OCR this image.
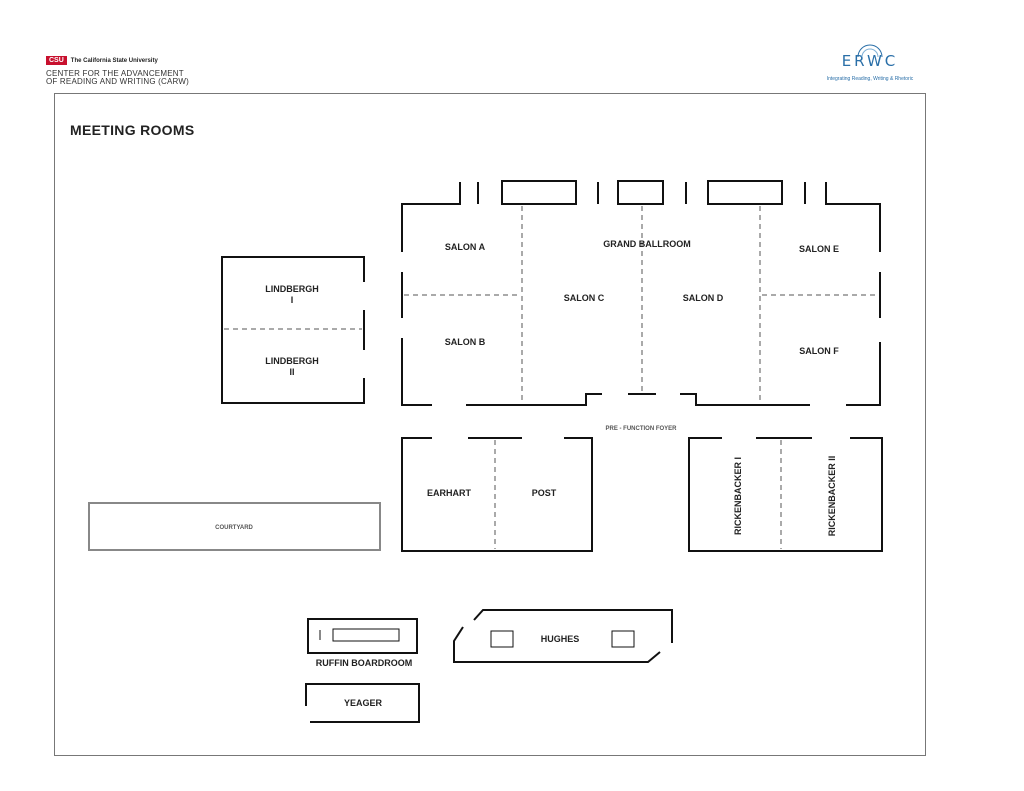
CSU	The California State University
CENTER FOR THE ADVANCEMENT
OF READING AND WRITING (CARW)
ERWC
Integrating Reading, Writing & Rhetoric
MEETING ROOMS
SALON A	GRAND BALLROOM	SALON E
SALON C	SALON D
SALON B
SALON F
LINDBERGH
I
LINDBERGH
II
PRE - FUNCTION FOYER
EARHART	POST	RICKENBACKER I	RICKENBACKER II
COURTYARD
RUFFIN BOARDROOM
HUGHES
YEAGER
